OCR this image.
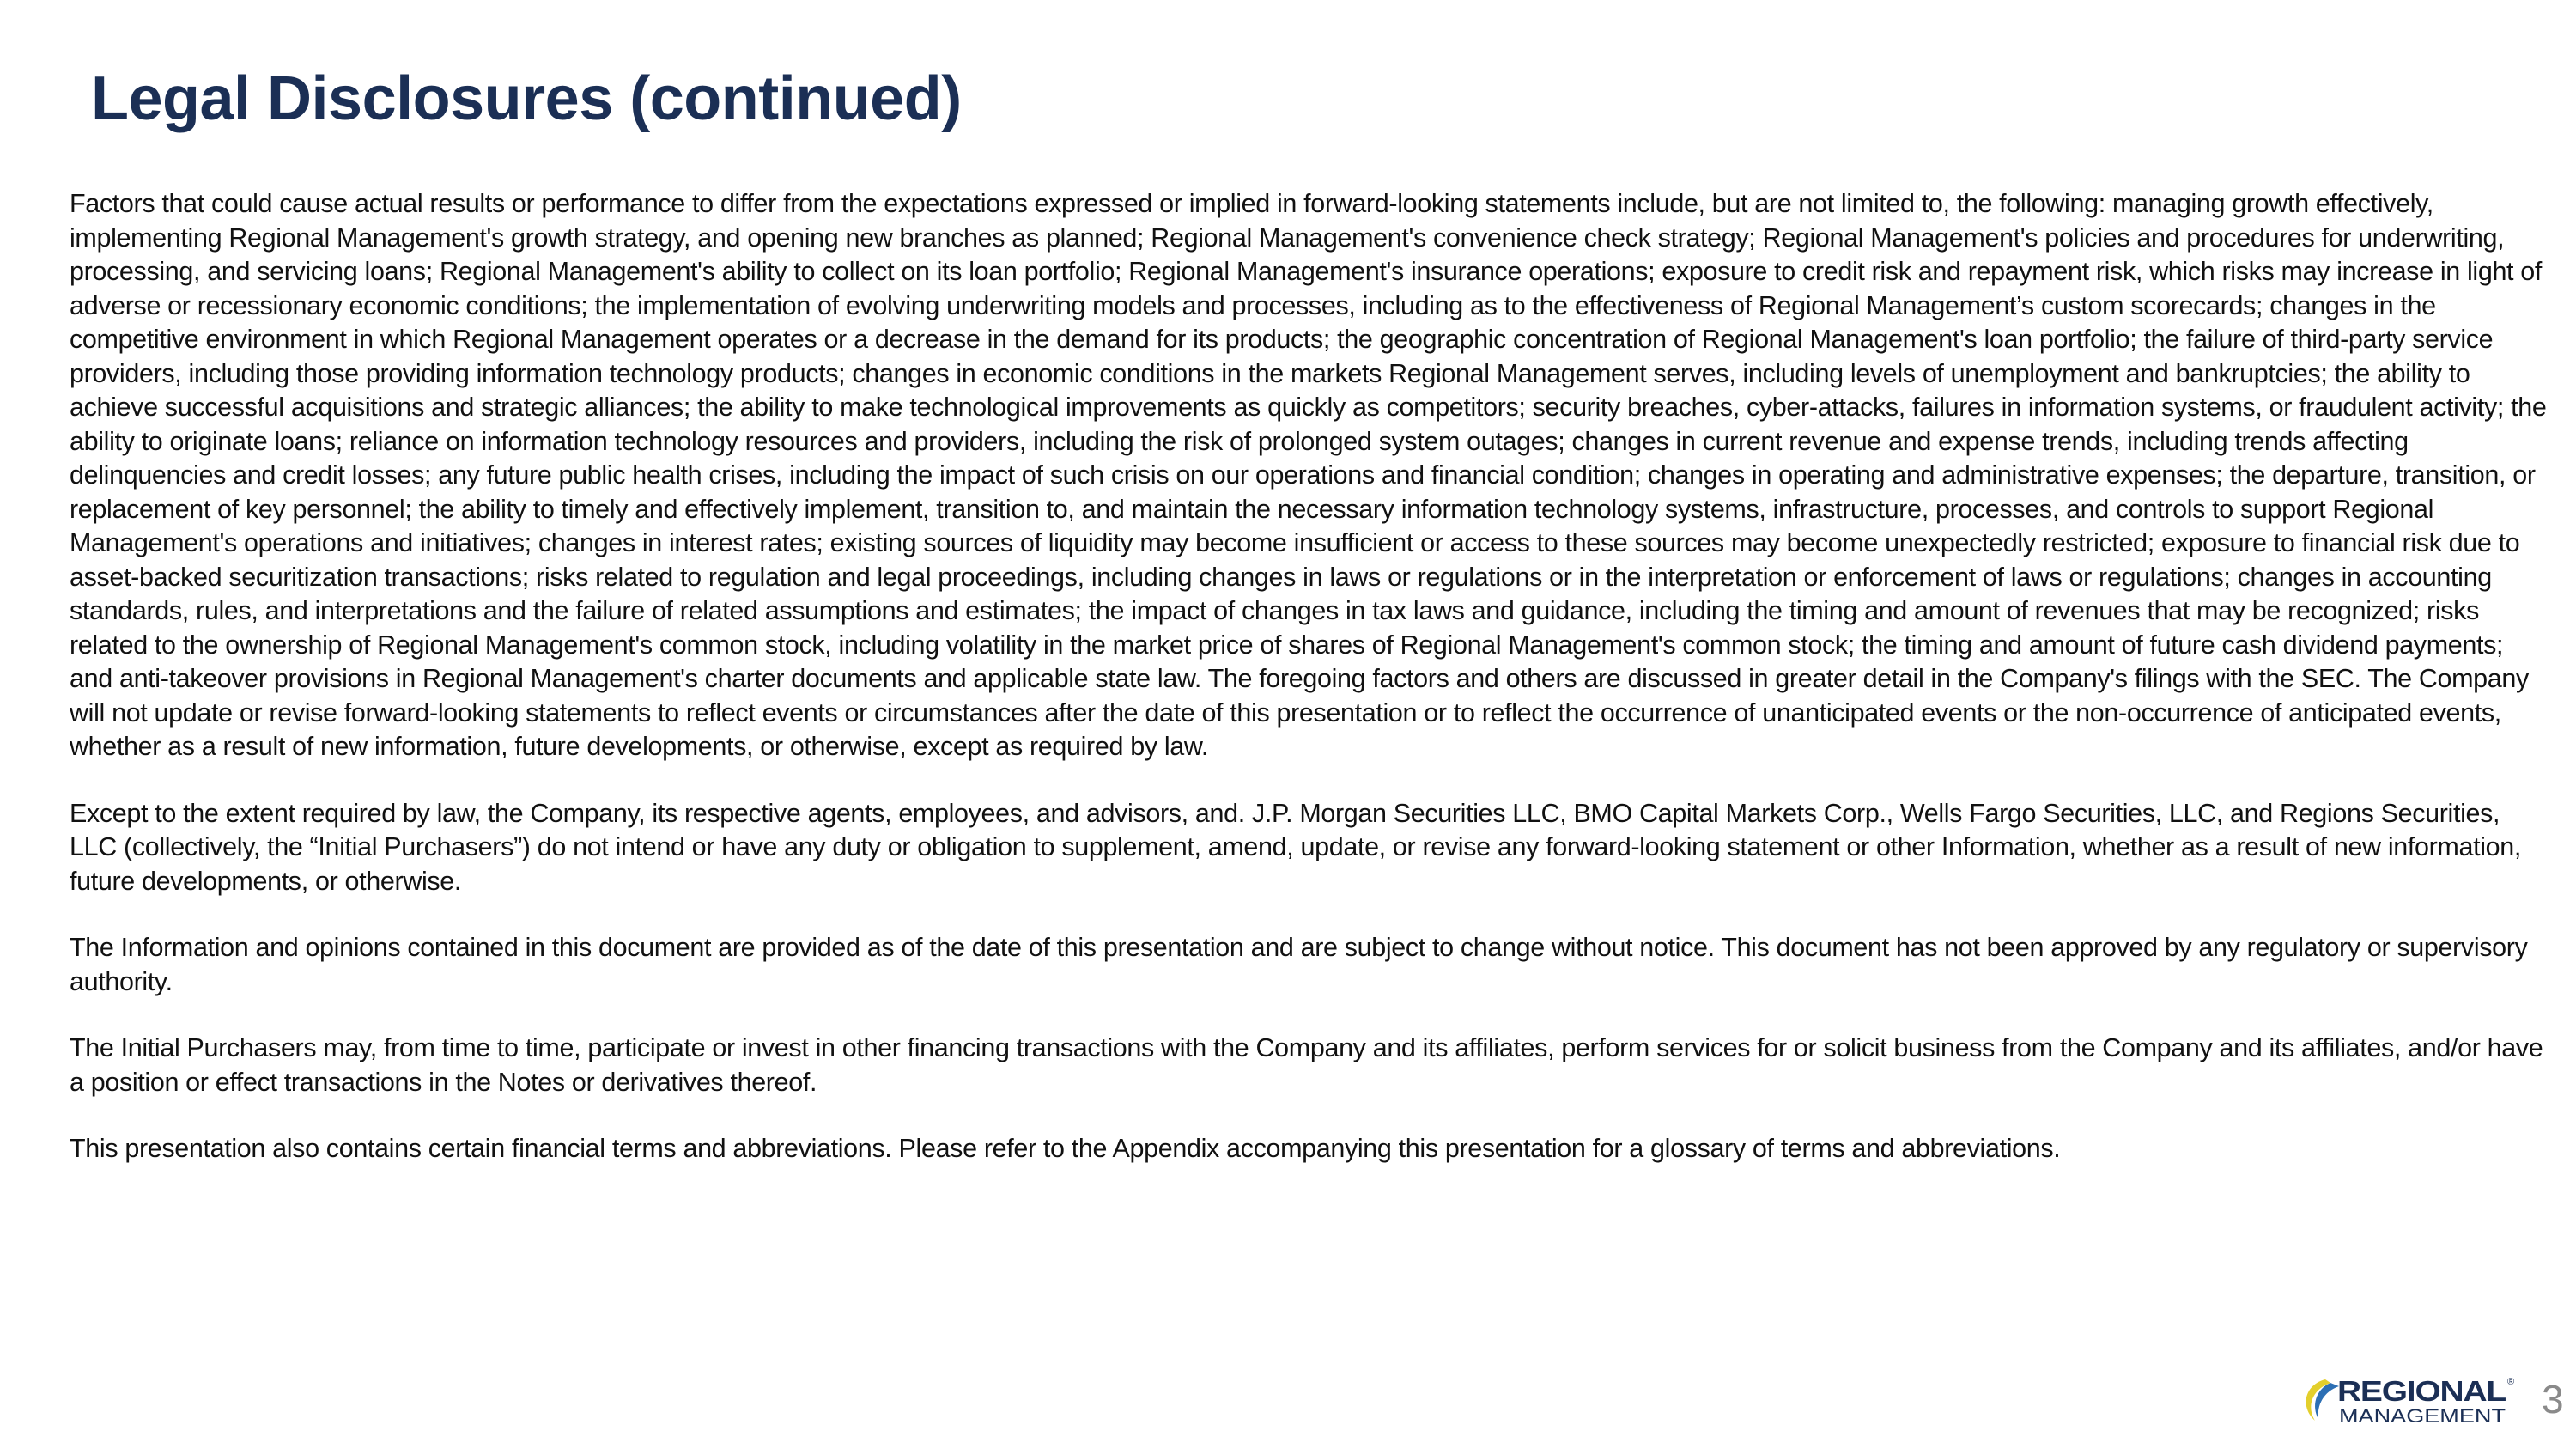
Legal Disclosures (continued)

Factors that could cause actual results or performance to differ from the expectations expressed or implied in forward-looking statements include, but are not limited to, the following: managing growth effectively, implementing Regional Management's growth strategy, and opening new branches as planned; Regional Management's convenience check strategy; Regional Management's policies and procedures for underwriting, processing, and servicing loans; Regional Management's ability to collect on its loan portfolio; Regional Management's insurance operations; exposure to credit risk and repayment risk, which risks may increase in light of adverse or recessionary economic conditions; the implementation of evolving underwriting models and processes, including as to the effectiveness of Regional Management’s custom scorecards; changes in the competitive environment in which Regional Management operates or a decrease in the demand for its products; the geographic concentration of Regional Management's loan portfolio; the failure of third-party service providers, including those providing information technology products; changes in economic conditions in the markets Regional Management serves, including levels of unemployment and bankruptcies; the ability to achieve successful acquisitions and strategic alliances; the ability to make technological improvements as quickly as competitors; security breaches, cyber-attacks, failures in information systems, or fraudulent activity; the ability to originate loans; reliance on information technology resources and providers, including the risk of prolonged system outages; changes in current revenue and expense trends, including trends affecting delinquencies and credit losses; any future public health crises, including the impact of such crisis on our operations and financial condition; changes in operating and administrative expenses; the departure, transition, or replacement of key personnel; the ability to timely and effectively implement, transition to, and maintain the necessary information technology systems, infrastructure, processes, and controls to support Regional Management's operations and initiatives; changes in interest rates; existing sources of liquidity may become insufficient or access to these sources may become unexpectedly restricted; exposure to financial risk due to asset-backed securitization transactions; risks related to regulation and legal proceedings, including changes in laws or regulations or in the interpretation or enforcement of laws or regulations; changes in accounting standards, rules, and interpretations and the failure of related assumptions and estimates; the impact of changes in tax laws and guidance, including the timing and amount of revenues that may be recognized; risks related to the ownership of Regional Management's common stock, including volatility in the market price of shares of Regional Management's common stock; the timing and amount of future cash dividend payments; and anti-takeover provisions in Regional Management's charter documents and applicable state law. The foregoing factors and others are discussed in greater detail in the Company's filings with the SEC. The Company will not update or revise forward-looking statements to reflect events or circumstances after the date of this presentation or to reflect the occurrence of unanticipated events or the non-occurrence of anticipated events, whether as a result of new information, future developments, or otherwise, except as required by law.

Except to the extent required by law, the Company, its respective agents, employees, and advisors, and. J.P. Morgan Securities LLC, BMO Capital Markets Corp., Wells Fargo Securities, LLC, and Regions Securities, LLC (collectively, the “Initial Purchasers”) do not intend or have any duty or obligation to supplement, amend, update, or revise any forward-looking statement or other Information, whether as a result of new information, future developments, or otherwise.

The Information and opinions contained in this document are provided as of the date of this presentation and are subject to change without notice. This document has not been approved by any regulatory or supervisory authority.

The Initial Purchasers may, from time to time, participate or invest in other financing transactions with the Company and its affiliates, perform services for or solicit business from the Company and its affiliates, and/or have a position or effect transactions in the Notes or derivatives thereof.

This presentation also contains certain financial terms and abbreviations. Please refer to the Appendix accompanying this presentation for a glossary of terms and abbreviations.

REGIONAL ®
MANAGEMENT 3
